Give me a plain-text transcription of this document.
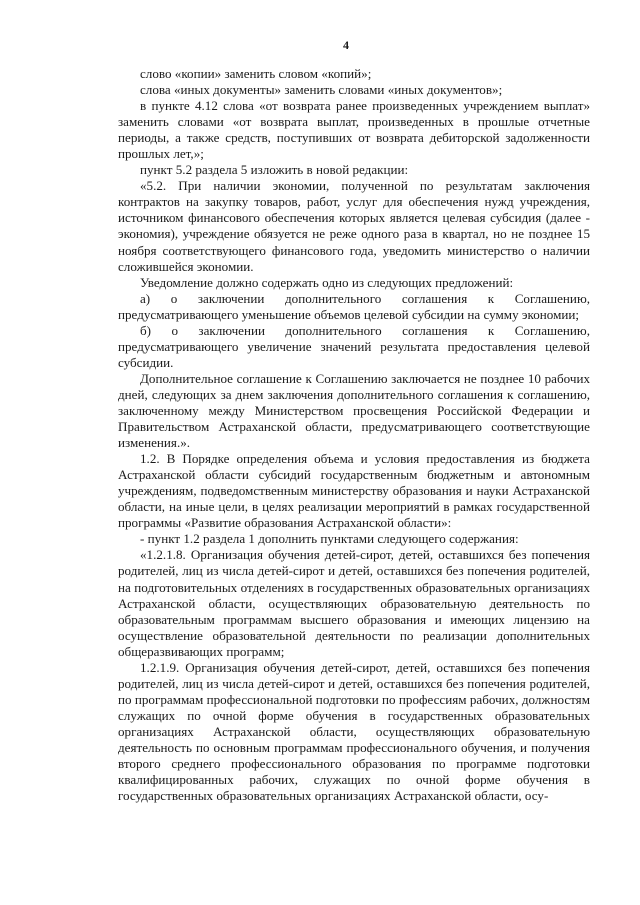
4

слово «копии» заменить словом «копий»;

слова «иных документы» заменить словами «иных документов»;

в пункте 4.12 слова «от возврата ранее произведенных учреждением выплат» заменить словами «от возврата выплат, произведенных в прошлые отчетные периоды, а также средств, поступивших от возврата дебиторской задолженности прошлых лет,»;

пункт 5.2 раздела 5 изложить в новой редакции:

«5.2. При наличии экономии, полученной по результатам заключения контрактов на закупку товаров, работ, услуг для обеспечения нужд учреждения, источником финансового обеспечения которых является целевая субсидия (далее - экономия), учреждение обязуется не реже одного раза в квартал, но не позднее 15 ноября соответствующего финансового года, уведомить министерство о наличии сложившейся экономии.

Уведомление должно содержать одно из следующих предложений:

а) о заключении дополнительного соглашения к Соглашению, предусматривающего уменьшение объемов целевой субсидии на сумму экономии;

б) о заключении дополнительного соглашения к Соглашению, предусматривающего увеличение значений результата предоставления целевой субсидии.

Дополнительное соглашение к Соглашению заключается не позднее 10 рабочих дней, следующих за днем заключения дополнительного соглашения к соглашению, заключенному между Министерством просвещения Российской Федерации и Правительством Астраханской области, предусматривающего соответствующие изменения.».

1.2. В Порядке определения объема и условия предоставления из бюджета Астраханской области субсидий государственным бюджетным и автономным учреждениям, подведомственным министерству образования и науки Астраханской области, на иные цели, в целях реализации мероприятий в рамках государственной программы «Развитие образования Астраханской области»:

- пункт 1.2 раздела 1 дополнить пунктами следующего содержания:

«1.2.1.8. Организация обучения детей-сирот, детей, оставшихся без попечения родителей, лиц из числа детей-сирот и детей, оставшихся без попечения родителей, на подготовительных отделениях в государственных образовательных организациях Астраханской области, осуществляющих образовательную деятельность по образовательным программам высшего образования и имеющих лицензию на осуществление образовательной деятельности по реализации дополнительных общеразвивающих программ;

1.2.1.9. Организация обучения детей-сирот, детей, оставшихся без попечения родителей, лиц из числа детей-сирот и детей, оставшихся без попечения родителей, по программам профессиональной подготовки по профессиям рабочих, должностям служащих по очной форме обучения в государственных образовательных организациях Астраханской области, осуществляющих образовательную деятельность по основным программам профессионального обучения, и получения второго среднего профессионального образования по программе подготовки квалифицированных рабочих, служащих по очной форме обучения в государственных образовательных организациях Астраханской области, осу-
